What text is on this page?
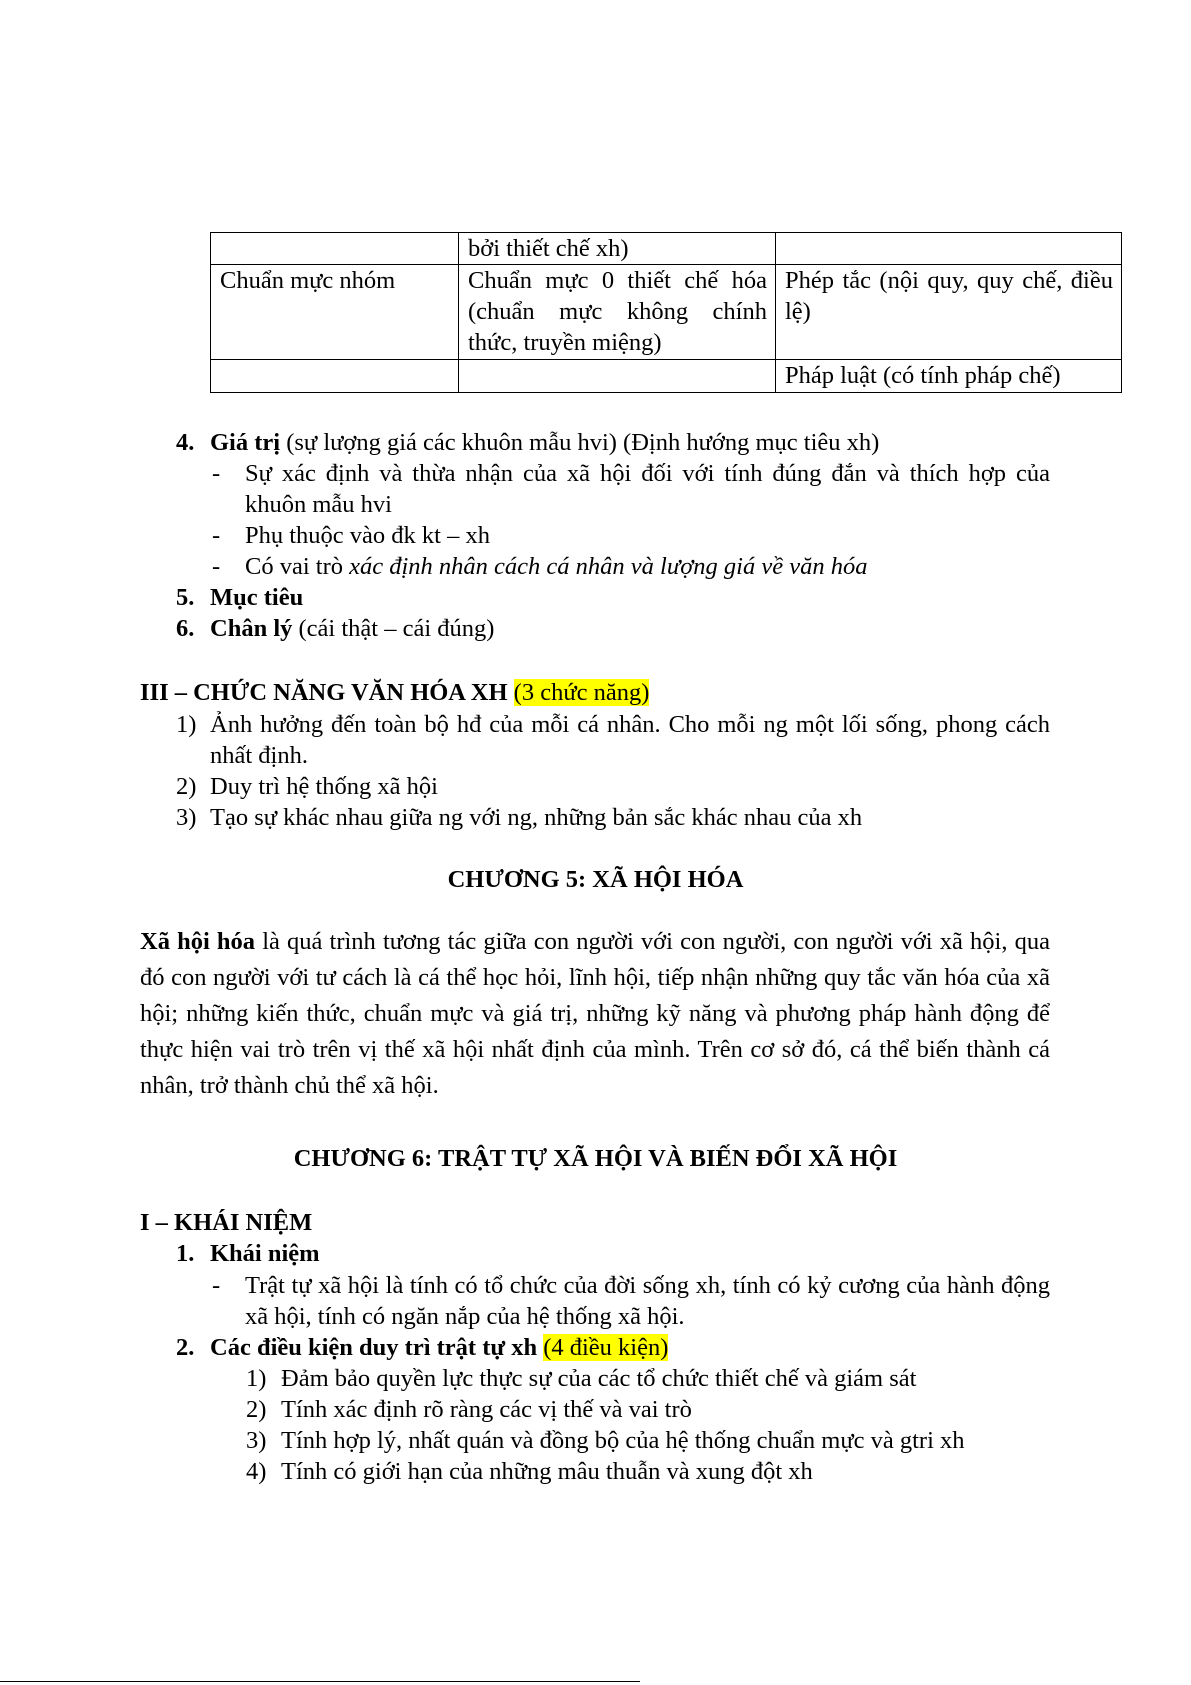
	bởi thiết chế xh)	
Chuẩn mực nhóm	Chuẩn mực 0 thiết chế hóa (chuẩn mực không chính thức, truyền miệng)	Phép tắc (nội quy, quy chế, điều lệ)
		Pháp luật (có tính pháp chế)
4. Giá trị (sự lượng giá các khuôn mẫu hvi) (Định hướng mục tiêu xh)
- Sự xác định và thừa nhận của xã hội đối với tính đúng đắn và thích hợp của khuôn mẫu hvi
- Phụ thuộc vào đk kt – xh
- Có vai trò xác định nhân cách cá nhân và lượng giá về văn hóa
5. Mục tiêu
6. Chân lý (cái thật – cái đúng)
III – CHỨC NĂNG VĂN HÓA XH (3 chức năng)
1) Ảnh hưởng đến toàn bộ hđ của mỗi cá nhân. Cho mỗi ng một lối sống, phong cách nhất định.
2) Duy trì hệ thống xã hội
3) Tạo sự khác nhau giữa ng với ng, những bản sắc khác nhau của xh
CHƯƠNG 5: XÃ HỘI HÓA
Xã hội hóa là quá trình tương tác giữa con người với con người, con người với xã hội, qua đó con người với tư cách là cá thể học hỏi, lĩnh hội, tiếp nhận những quy tắc văn hóa của xã hội; những kiến thức, chuẩn mực và giá trị, những kỹ năng và phương pháp hành động để thực hiện vai trò trên vị thế xã hội nhất định của mình. Trên cơ sở đó, cá thể biến thành cá nhân, trở thành chủ thể xã hội.
CHƯƠNG 6: TRẬT TỰ XÃ HỘI VÀ BIẾN ĐỔI XÃ HỘI
I – KHÁI NIỆM
1. Khái niệm
- Trật tự xã hội là tính có tổ chức của đời sống xh, tính có kỷ cương của hành động xã hội, tính có ngăn nắp của hệ thống xã hội.
2. Các điều kiện duy trì trật tự xh (4 điều kiện)
1) Đảm bảo quyền lực thực sự của các tổ chức thiết chế và giám sát
2) Tính xác định rõ ràng các vị thế và vai trò
3) Tính hợp lý, nhất quán và đồng bộ của hệ thống chuẩn mực và gtri xh
4) Tính có giới hạn của những mâu thuẫn và xung đột xh
